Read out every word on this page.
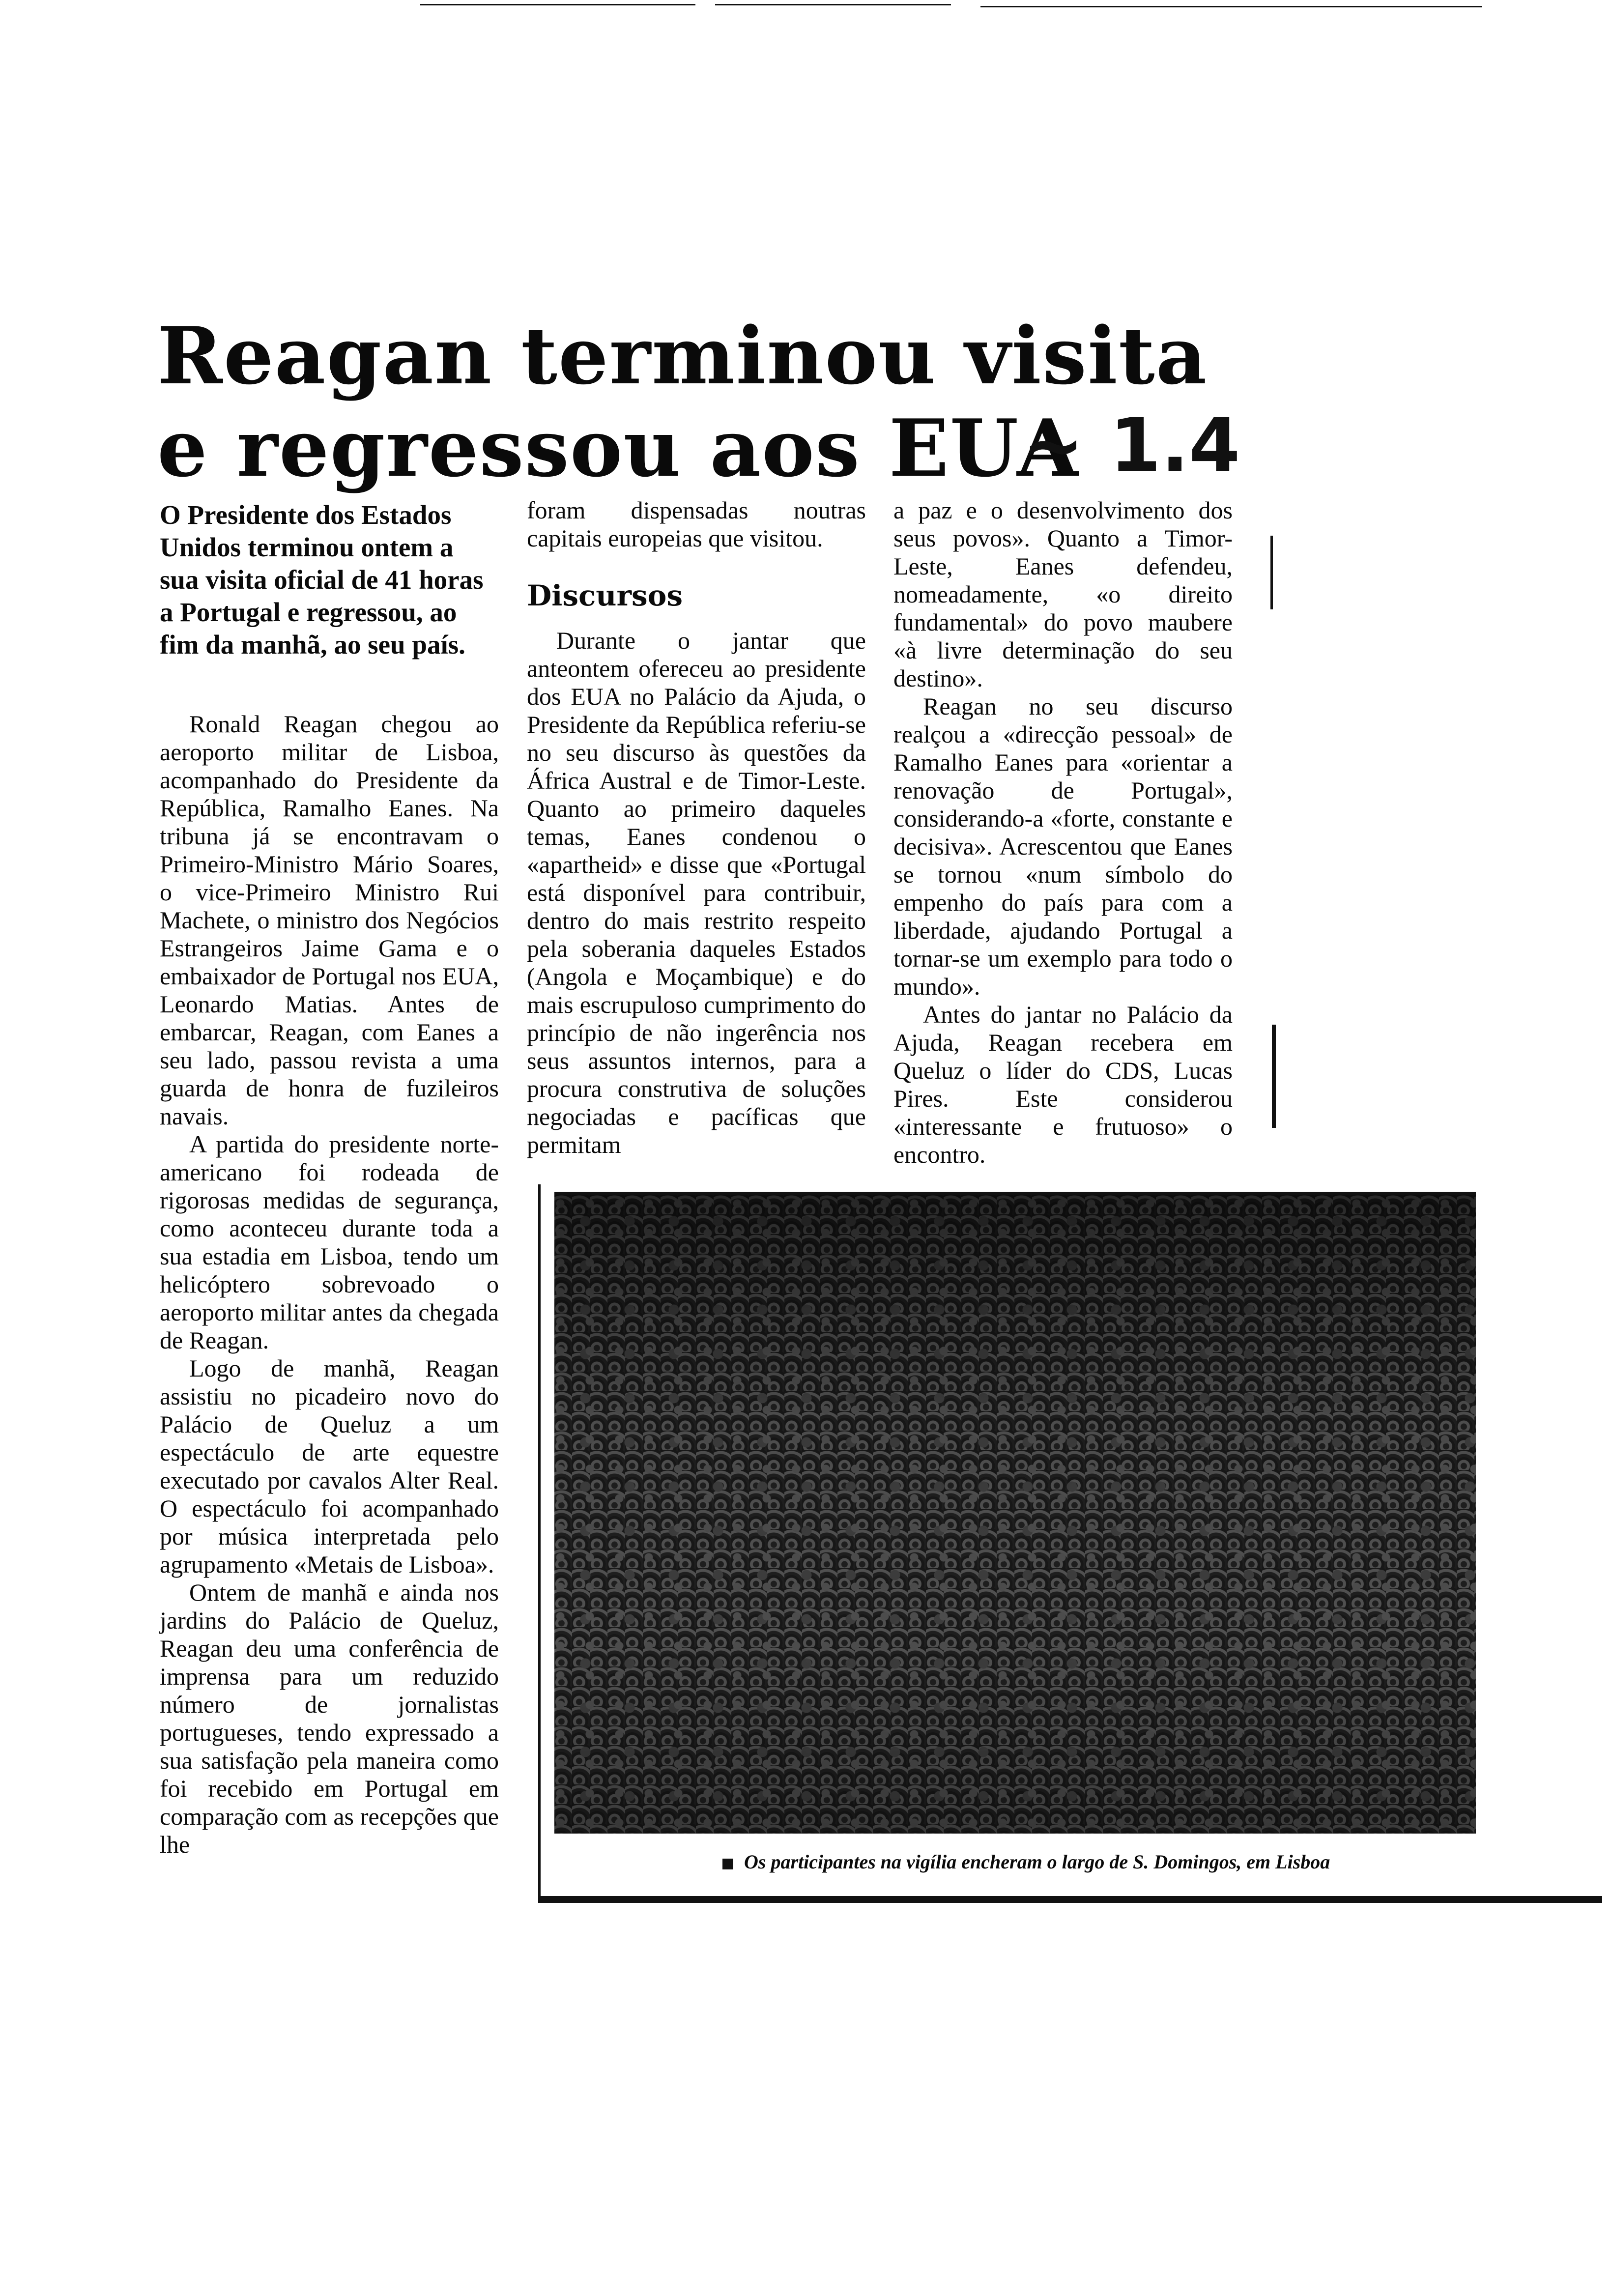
Reagan terminou visita
e regressou aos EUA
~ 1.4

O Presidente dos Estados Unidos terminou ontem a sua visita oficial de 41 horas a Portugal e regressou, ao fim da manhã, ao seu país.

Ronald Reagan chegou ao aeroporto militar de Lisboa, acompanhado do Presidente da República, Ramalho Eanes. Na tribuna já se encontravam o Primeiro-Ministro Mário Soares, o vice-Primeiro Ministro Rui Machete, o ministro dos Negócios Estrangeiros Jaime Gama e o embaixador de Portugal nos EUA, Leonardo Matias. Antes de embarcar, Reagan, com Eanes a seu lado, passou revista a uma guarda de honra de fuzileiros navais.

A partida do presidente norte-americano foi rodeada de rigorosas medidas de segurança, como aconteceu durante toda a sua estadia em Lisboa, tendo um helicóptero sobrevoado o aeroporto militar antes da chegada de Reagan.

Logo de manhã, Reagan assistiu no picadeiro novo do Palácio de Queluz a um espectáculo de arte equestre executado por cavalos Alter Real. O espectáculo foi acompanhado por música interpretada pelo agrupamento «Metais de Lisboa».

Ontem de manhã e ainda nos jardins do Palácio de Queluz, Reagan deu uma conferência de imprensa para um reduzido número de jornalistas portugueses, tendo expressado a sua satisfação pela maneira como foi recebido em Portugal em comparação com as recepções que lhe

foram dispensadas noutras capitais europeias que visitou.

Discursos

Durante o jantar que anteontem ofereceu ao presidente dos EUA no Palácio da Ajuda, o Presidente da República referiu-se no seu discurso às questões da África Austral e de Timor-Leste. Quanto ao primeiro daqueles temas, Eanes condenou o «apartheid» e disse que «Portugal está disponível para contribuir, dentro do mais restrito respeito pela soberania daqueles Estados (Angola e Moçambique) e do mais escrupuloso cumprimento do princípio de não ingerência nos seus assuntos internos, para a procura construtiva de soluções negociadas e pacíficas que permitam

a paz e o desenvolvimento dos seus povos». Quanto a Timor-Leste, Eanes defendeu, nomeadamente, «o direito fundamental» do povo maubere «à livre determinação do seu destino».

Reagan no seu discurso realçou a «direcção pessoal» de Ramalho Eanes para «orientar a renovação de Portugal», considerando-a «forte, constante e decisiva». Acrescentou que Eanes se tornou «num símbolo do empenho do país para com a liberdade, ajudando Portugal a tornar-se um exemplo para todo o mundo».

Antes do jantar no Palácio da Ajuda, Reagan recebera em Queluz o líder do CDS, Lucas Pires. Este considerou «interessante e frutuoso» o encontro.

Os participantes na vigília encheram o largo de S. Domingos, em Lisboa
